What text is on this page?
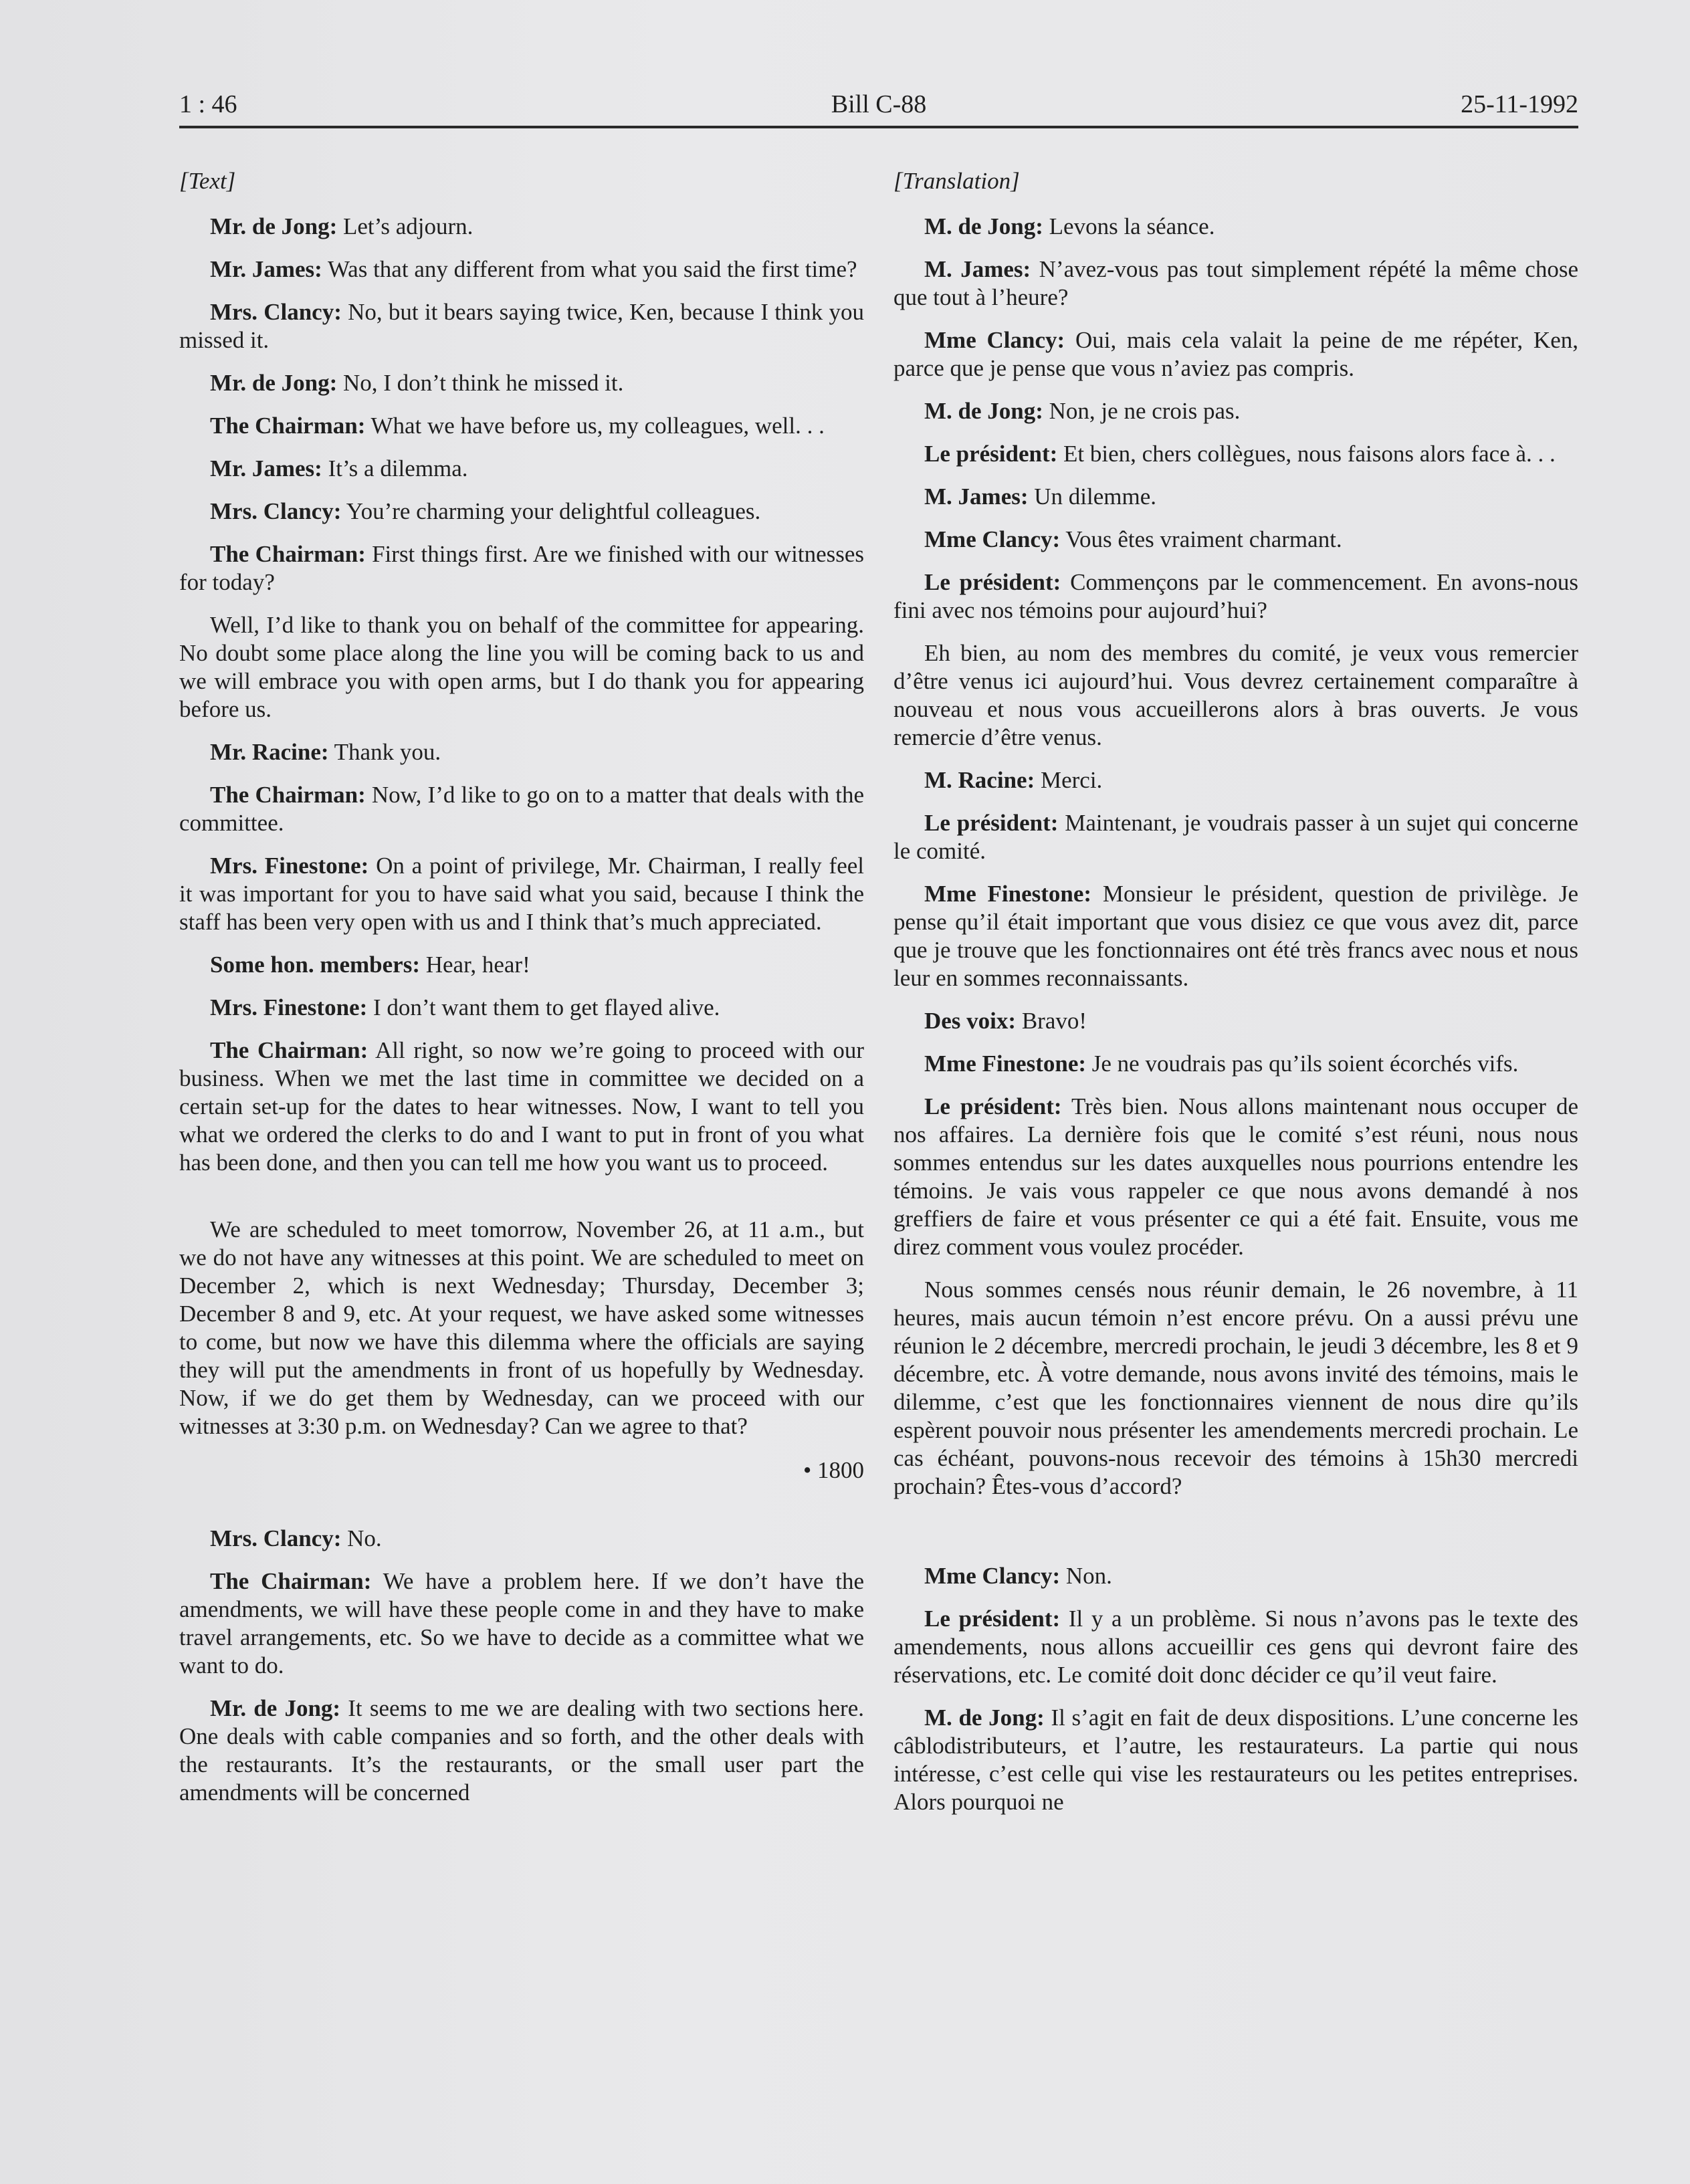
1 : 46	Bill C-88	25-11-1992

[Text]

Mr. de Jong: Let’s adjourn.

Mr. James: Was that any different from what you said the first time?

Mrs. Clancy: No, but it bears saying twice, Ken, because I think you missed it.

Mr. de Jong: No, I don’t think he missed it.

The Chairman: What we have before us, my colleagues, well. . .

Mr. James: It’s a dilemma.

Mrs. Clancy: You’re charming your delightful colleagues.

The Chairman: First things first. Are we finished with our witnesses for today?

Well, I’d like to thank you on behalf of the committee for appearing. No doubt some place along the line you will be coming back to us and we will embrace you with open arms, but I do thank you for appearing before us.

Mr. Racine: Thank you.

The Chairman: Now, I’d like to go on to a matter that deals with the committee.

Mrs. Finestone: On a point of privilege, Mr. Chairman, I really feel it was important for you to have said what you said, because I think the staff has been very open with us and I think that’s much appreciated.

Some hon. members: Hear, hear!

Mrs. Finestone: I don’t want them to get flayed alive.

The Chairman: All right, so now we’re going to proceed with our business. When we met the last time in committee we decided on a certain set-up for the dates to hear witnesses. Now, I want to tell you what we ordered the clerks to do and I want to put in front of you what has been done, and then you can tell me how you want us to proceed.

We are scheduled to meet tomorrow, November 26, at 11 a.m., but we do not have any witnesses at this point. We are scheduled to meet on December 2, which is next Wednesday; Thursday, December 3; December 8 and 9, etc. At your request, we have asked some witnesses to come, but now we have this dilemma where the officials are saying they will put the amendments in front of us hopefully by Wednesday. Now, if we do get them by Wednesday, can we proceed with our witnesses at 3:30 p.m. on Wednesday? Can we agree to that?

• 1800

Mrs. Clancy: No.

The Chairman: We have a problem here. If we don’t have the amendments, we will have these people come in and they have to make travel arrangements, etc. So we have to decide as a committee what we want to do.

Mr. de Jong: It seems to me we are dealing with two sections here. One deals with cable companies and so forth, and the other deals with the restaurants. It’s the restaurants, or the small user part the amendments will be concerned

[Translation]

M. de Jong: Levons la séance.

M. James: N’avez-vous pas tout simplement répété la même chose que tout à l’heure?

Mme Clancy: Oui, mais cela valait la peine de me répéter, Ken, parce que je pense que vous n’aviez pas compris.

M. de Jong: Non, je ne crois pas.

Le président: Et bien, chers collègues, nous faisons alors face à. . .

M. James: Un dilemme.

Mme Clancy: Vous êtes vraiment charmant.

Le président: Commençons par le commencement. En avons-nous fini avec nos témoins pour aujourd’hui?

Eh bien, au nom des membres du comité, je veux vous remercier d’être venus ici aujourd’hui. Vous devrez certainement comparaître à nouveau et nous vous accueillerons alors à bras ouverts. Je vous remercie d’être venus.

M. Racine: Merci.

Le président: Maintenant, je voudrais passer à un sujet qui concerne le comité.

Mme Finestone: Monsieur le président, question de privilège. Je pense qu’il était important que vous disiez ce que vous avez dit, parce que je trouve que les fonctionnaires ont été très francs avec nous et nous leur en sommes reconnaissants.

Des voix: Bravo!

Mme Finestone: Je ne voudrais pas qu’ils soient écorchés vifs.

Le président: Très bien. Nous allons maintenant nous occuper de nos affaires. La dernière fois que le comité s’est réuni, nous nous sommes entendus sur les dates auxquelles nous pourrions entendre les témoins. Je vais vous rappeler ce que nous avons demandé à nos greffiers de faire et vous présenter ce qui a été fait. Ensuite, vous me direz comment vous voulez procéder.

Nous sommes censés nous réunir demain, le 26 novembre, à 11 heures, mais aucun témoin n’est encore prévu. On a aussi prévu une réunion le 2 décembre, mercredi prochain, le jeudi 3 décembre, les 8 et 9 décembre, etc. À votre demande, nous avons invité des témoins, mais le dilemme, c’est que les fonctionnaires viennent de nous dire qu’ils espèrent pouvoir nous présenter les amendements mercredi prochain. Le cas échéant, pouvons-nous recevoir des témoins à 15h30 mercredi prochain? Êtes-vous d’accord?

Mme Clancy: Non.

Le président: Il y a un problème. Si nous n’avons pas le texte des amendements, nous allons accueillir ces gens qui devront faire des réservations, etc. Le comité doit donc décider ce qu’il veut faire.

M. de Jong: Il s’agit en fait de deux dispositions. L’une concerne les câblodistributeurs, et l’autre, les restaurateurs. La partie qui nous intéresse, c’est celle qui vise les restaurateurs ou les petites entreprises. Alors pourquoi ne
